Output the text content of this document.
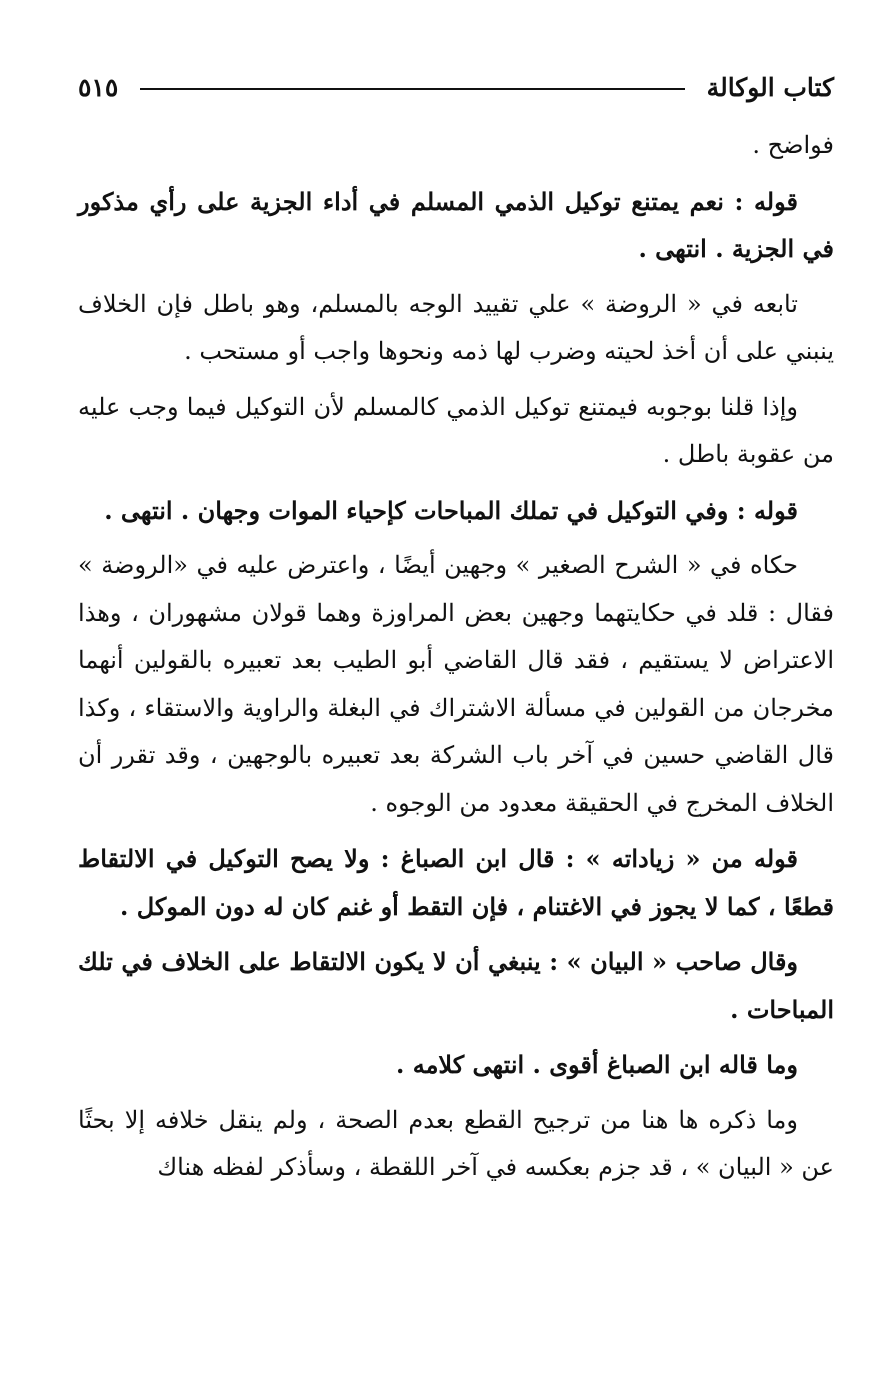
كتاب الوكالة
٥١٥

فواضح .

قوله : نعم يمتنع توكيل الذمي المسلم في أداء الجزية على رأي مذكور في الجزية . انتهى .

تابعه في « الروضة » علي تقييد الوجه بالمسلم، وهو باطل فإن الخلاف ينبني على أن أخذ لحيته وضرب لها ذمه ونحوها واجب أو مستحب .

وإذا قلنا بوجوبه فيمتنع توكيل الذمي كالمسلم لأن التوكيل فيما وجب عليه من عقوبة باطل .

قوله : وفي التوكيل في تملك المباحات كإحياء الموات وجهان . انتهى .

حكاه في « الشرح الصغير » وجهين أيضًا ، واعترض عليه في «الروضة » فقال : قلد في حكايتهما وجهين بعض المراوزة وهما قولان مشهوران ، وهذا الاعتراض لا يستقيم ، فقد قال القاضي أبو الطيب بعد تعبيره بالقولين أنهما مخرجان من القولين في مسألة الاشتراك في البغلة والراوية والاستقاء ، وكذا قال القاضي حسين في آخر باب الشركة بعد تعبيره بالوجهين ، وقد تقرر أن الخلاف المخرج في الحقيقة معدود من الوجوه .

قوله من « زياداته » : قال ابن الصباغ : ولا يصح التوكيل في الالتقاط قطعًا ، كما لا يجوز في الاغتنام ، فإن التقط أو غنم كان له دون الموكل .

وقال صاحب « البيان » : ينبغي أن لا يكون الالتقاط على الخلاف في تلك المباحات .

وما قاله ابن الصباغ أقوى . انتهى كلامه .

وما ذكره ها هنا من ترجيح القطع بعدم الصحة ، ولم ينقل خلافه إلا بحثًا عن « البيان » ، قد جزم بعكسه في آخر اللقطة ، وسأذكر لفظه هناك
